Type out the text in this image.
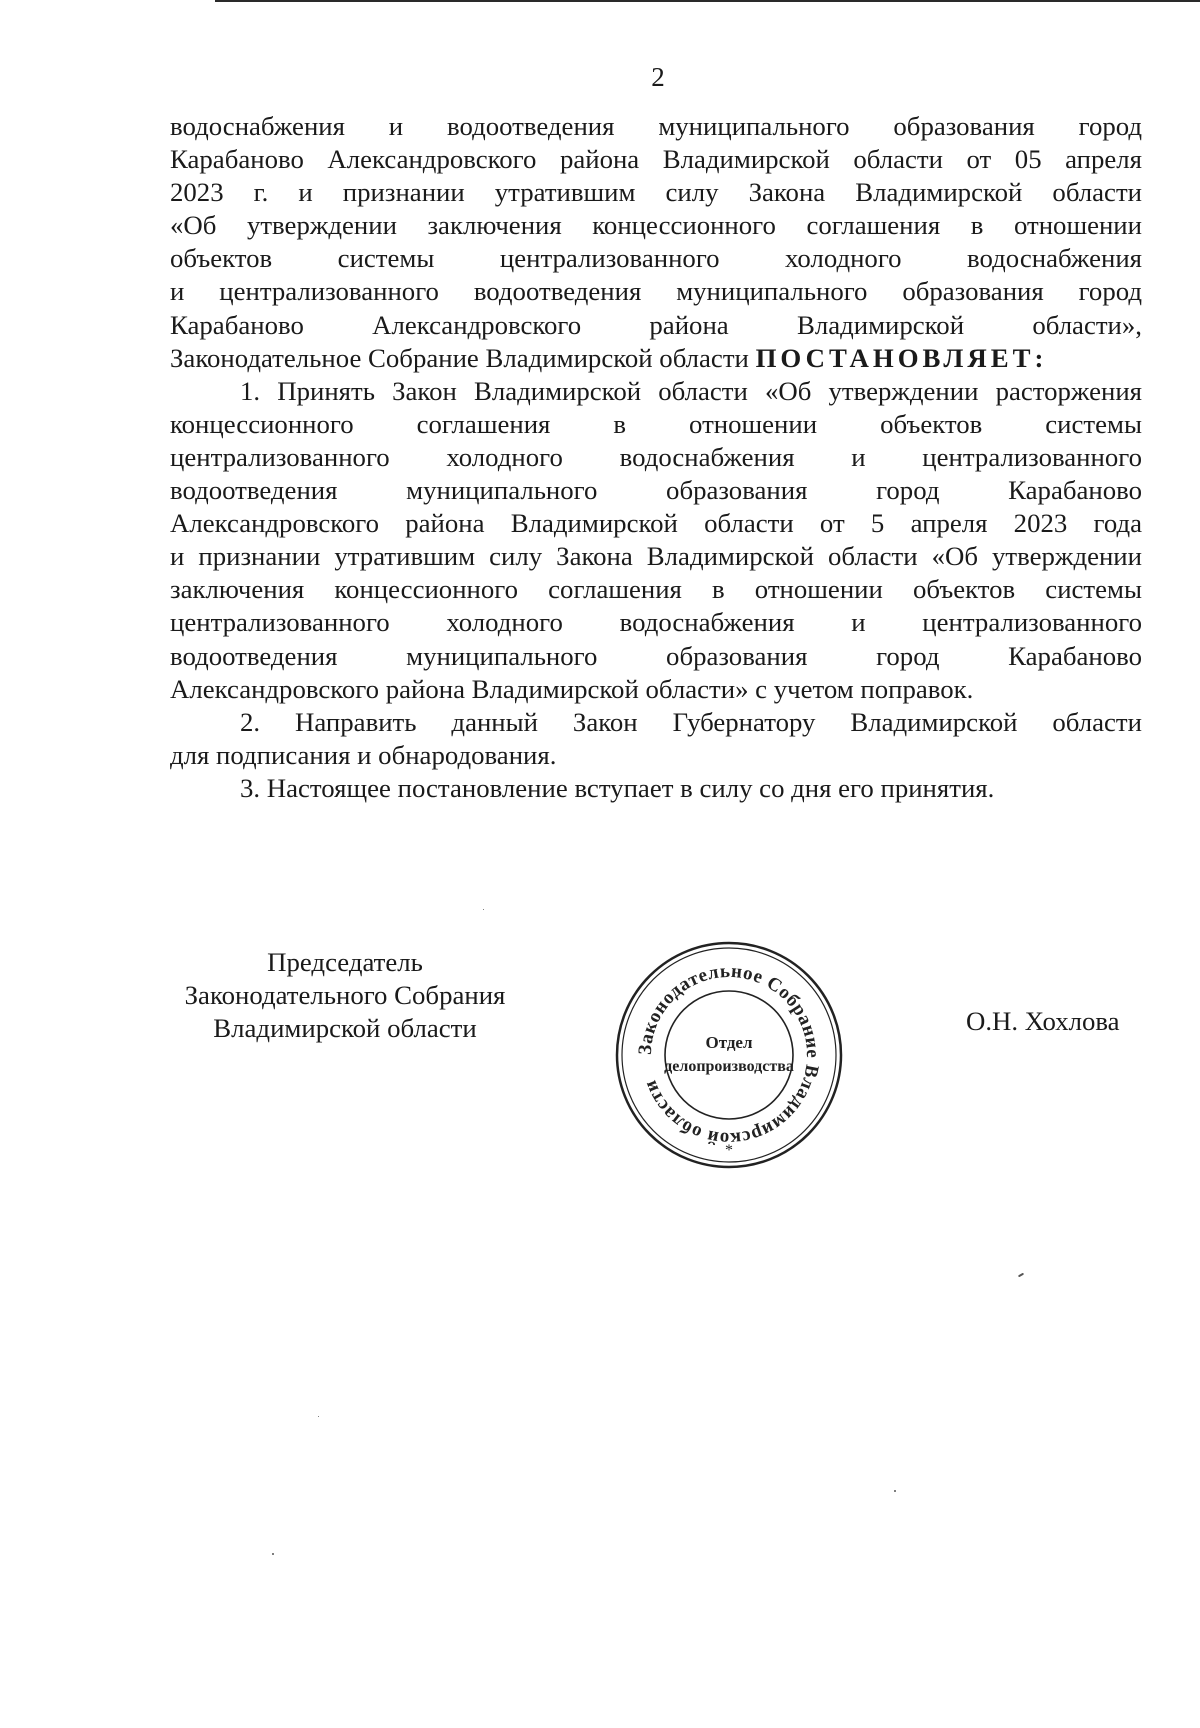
2
водоснабжения и водоотведения муниципального образования город
Карабаново Александровского района Владимирской области от 05 апреля
2023 г. и признании утратившим силу Закона Владимирской области
«Об утверждении заключения концессионного соглашения в отношении
объектов системы централизованного холодного водоснабжения
и централизованного водоотведения муниципального образования город
Карабаново Александровского района Владимирской области»,
Законодательное Собрание Владимирской области ПОСТАНОВЛЯЕТ:
1. Принять Закон Владимирской области «Об утверждении расторжения
концессионного соглашения в отношении объектов системы
централизованного холодного водоснабжения и централизованного
водоотведения муниципального образования город Карабаново
Александровского района Владимирской области от 5 апреля 2023 года
и признании утратившим силу Закона Владимирской области «Об утверждении
заключения концессионного соглашения в отношении объектов системы
централизованного холодного водоснабжения и централизованного
водоотведения муниципального образования город Карабаново
Александровского района Владимирской области» с учетом поправок.
2. Направить данный Закон Губернатору Владимирской области
для подписания и обнародования.
3. Настоящее постановление вступает в силу со дня его принятия.
Председатель
Законодательного Собрания
Владимирской области
Законодательное Собрание Владимирской области
Отдел
делопроизводства
*
О.Н. Хохлова
